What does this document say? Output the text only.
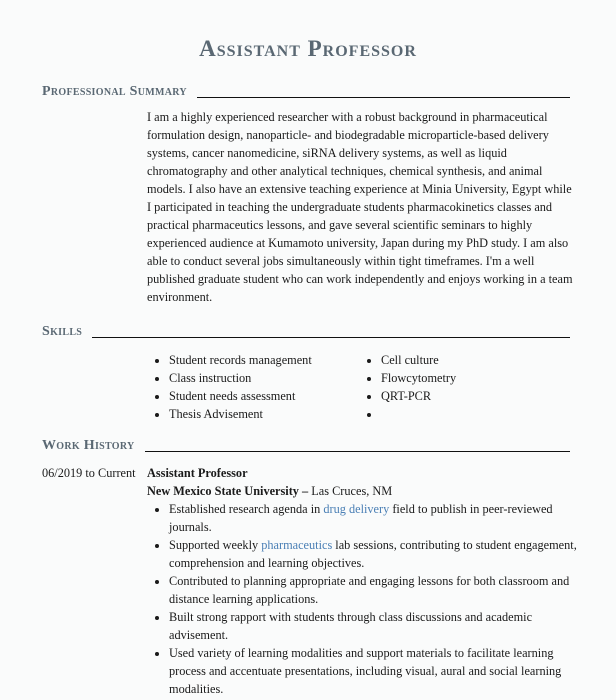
Assistant Professor
Professional Summary
I am a highly experienced researcher with a robust background in pharmaceutical formulation design, nanoparticle- and biodegradable microparticle-based delivery systems, cancer nanomedicine, siRNA delivery systems, as well as liquid chromatography and other analytical techniques, chemical synthesis, and animal models. I also have an extensive teaching experience at Minia University, Egypt while I participated in teaching the undergraduate students pharmacokinetics classes and practical pharmaceutics lessons, and gave several scientific seminars to highly experienced audience at Kumamoto university, Japan during my PhD study. I am also able to conduct several jobs simultaneously within tight timeframes. I'm a well published graduate student who can work independently and enjoys working in a team environment.
Skills
• Student records management
• Class instruction
• Student needs assessment
• Thesis Advisement
• Cell culture
• Flowcytometry
• QRT-PCR
•
Work History
06/2019 to Current Assistant Professor
New Mexico State University – Las Cruces, NM
• Established research agenda in drug delivery field to publish in peer-reviewed journals.
• Supported weekly pharmaceutics lab sessions, contributing to student engagement, comprehension and learning objectives.
• Contributed to planning appropriate and engaging lessons for both classroom and distance learning applications.
• Built strong rapport with students through class discussions and academic advisement.
• Used variety of learning modalities and support materials to facilitate learning process and accentuate presentations, including visual, aural and social learning modalities.
